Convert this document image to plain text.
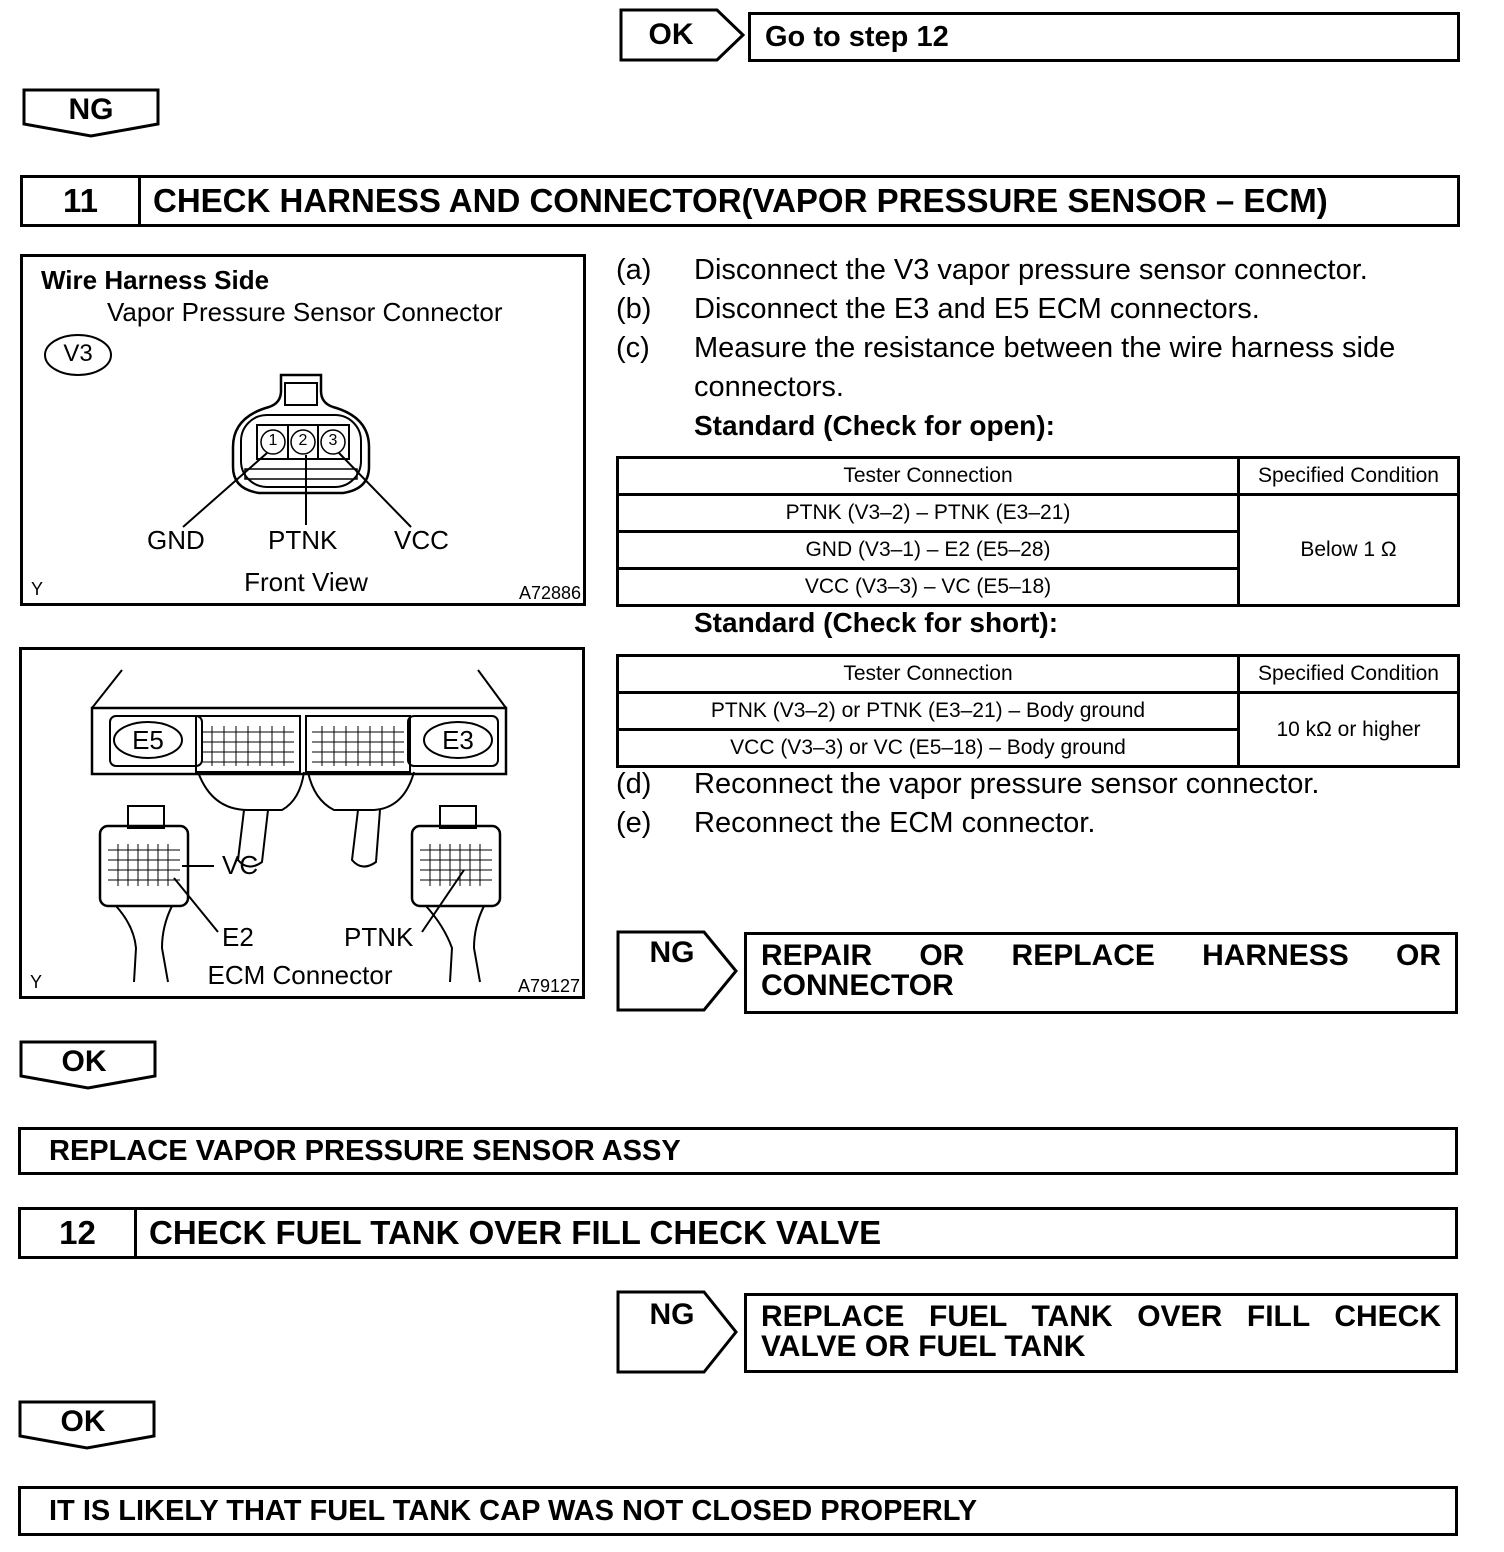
OK	Go to step 12
NG
11	CHECK HARNESS AND CONNECTOR(VAPOR PRESSURE SENSOR – ECM)
Wire Harness Side
Vapor Pressure Sensor Connector
V3
1 2 3
GND PTNK VCC
Front View
Y	A72886
E5	E3
VC
E2	PTNK
ECM Connector
Y	A79127
(a) Disconnect the V3 vapor pressure sensor connector.
(b) Disconnect the E3 and E5 ECM connectors.
(c) Measure the resistance between the wire harness side
connectors.
Standard (Check for open):
Tester Connection	Specified Condition
PTNK (V3–2) – PTNK (E3–21)	Below 1 Ω
GND (V3–1) – E2 (E5–28)	
VCC (V3–3) – VC (E5–18)	
Standard (Check for short):
Tester Connection	Specified Condition
PTNK (V3–2) or PTNK (E3–21) – Body ground	10 kΩ or higher
VCC (V3–3) or VC (E5–18) – Body ground	
(d) Reconnect the vapor pressure sensor connector.
(e) Reconnect the ECM connector.
NG	REPAIR OR REPLACE HARNESS OR
CONNECTOR
OK
REPLACE VAPOR PRESSURE SENSOR ASSY
12	CHECK FUEL TANK OVER FILL CHECK VALVE
NG	REPLACE FUEL TANK OVER FILL CHECK
VALVE OR FUEL TANK
OK
IT IS LIKELY THAT FUEL TANK CAP WAS NOT CLOSED PROPERLY
